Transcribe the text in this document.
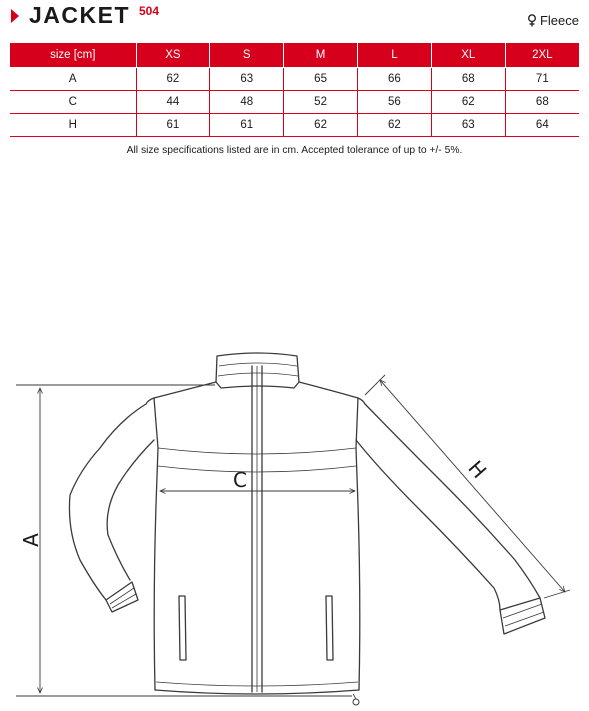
JACKET 504
Fleece
size [cm]	XS	S	M	L	XL	2XL
A	62	63	65	66	68	71
C	44	48	52	56	62	68
H	61	61	62	62	63	64
All size specifications listed are in cm. Accepted tolerance of up to +/- 5%.
A
C	H
